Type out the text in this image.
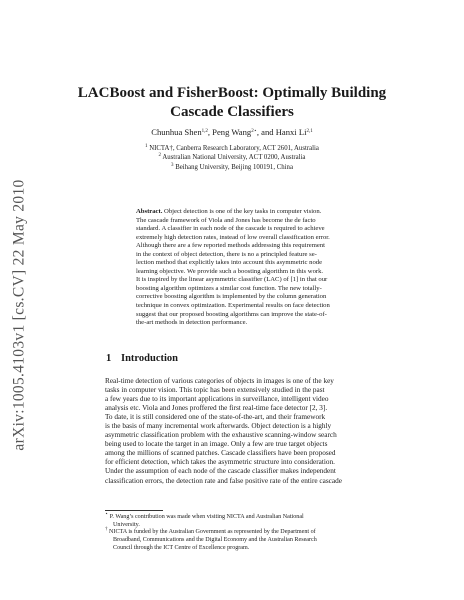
arXiv:1005.4103v1 [cs.CV] 22 May 2010
LACBoost and FisherBoost: Optimally Building
Cascade Classifiers
Chunhua Shen$^{1,2}$, Peng Wang$^{2⋆}$, and Hanxi Li$^{2,1}$
$^1$ NICTA†, Canberra Research Laboratory, ACT 2601, Australia
$^2$ Australian National University, ACT 0200, Australia
$^3$ Beihang University, Beijing 100191, China
Abstract. Object detection is one of the key tasks in computer vision.
The cascade framework of Viola and Jones has become the de facto
standard. A classifier in each node of the cascade is required to achieve
extremely high detection rates, instead of low overall classification error.
Although there are a few reported methods addressing this requirement
in the context of object detection, there is no a principled feature se-
lection method that explicitly takes into account this asymmetric node
learning objective. We provide such a boosting algorithm in this work.
It is inspired by the linear asymmetric classifier (LAC) of [1] in that our
boosting algorithm optimizes a similar cost function. The new totally-
corrective boosting algorithm is implemented by the column generation
technique in convex optimization. Experimental results on face detection
suggest that our proposed boosting algorithms can improve the state-of-
the-art methods in detection performance.
1 Introduction
Real-time detection of various categories of objects in images is one of the key
tasks in computer vision. This topic has been extensively studied in the past
a few years due to its important applications in surveillance, intelligent video
analysis etc. Viola and Jones proffered the first real-time face detector [2, 3].
To date, it is still considered one of the state-of-the-art, and their framework
is the basis of many incremental work afterwards. Object detection is a highly
asymmetric classification problem with the exhaustive scanning-window search
being used to locate the target in an image. Only a few are true target objects
among the millions of scanned patches. Cascade classifiers have been proposed
for efficient detection, which takes the asymmetric structure into consideration.
Under the assumption of each node of the cascade classifier makes independent
classification errors, the detection rate and false positive rate of the entire cascade
⋆ P. Wang’s contribution was made when visiting NICTA and Australian National
University.
† NICTA is funded by the Australian Government as represented by the Department of
Broadband, Communications and the Digital Economy and the Australian Research
Council through the ICT Centre of Excellence program.
